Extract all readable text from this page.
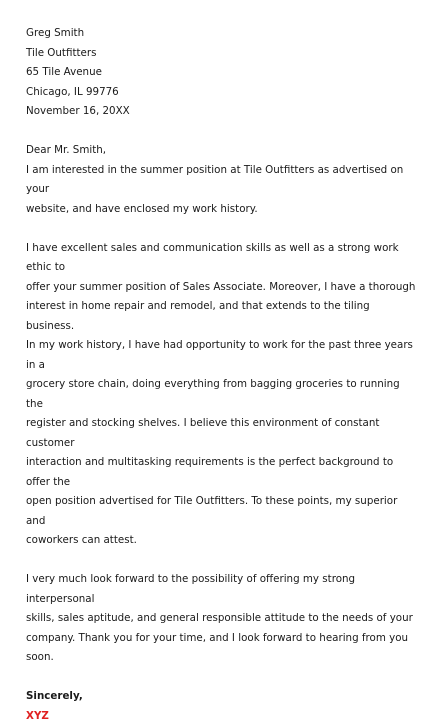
Greg Smith

Tile Outfitters

65 Tile Avenue

Chicago, IL 99776

November 16, 20XX

Dear Mr. Smith,

I am interested in the summer position at Tile Outfitters as advertised on your

website, and have enclosed my work history.

I have excellent sales and communication skills as well as a strong work ethic to

offer your summer position of Sales Associate. Moreover, I have a thorough

interest in home repair and remodel, and that extends to the tiling business.

In my work history, I have had opportunity to work for the past three years in a

grocery store chain, doing everything from bagging groceries to running the

register and stocking shelves. I believe this environment of constant customer

interaction and multitasking requirements is the perfect background to offer the

open position advertised for Tile Outfitters. To these points, my superior and

coworkers can attest.

I very much look forward to the possibility of offering my strong interpersonal

skills, sales aptitude, and general responsible attitude to the needs of your

company. Thank you for your time, and I look forward to hearing from you soon.

Sincerely,

XYZ
